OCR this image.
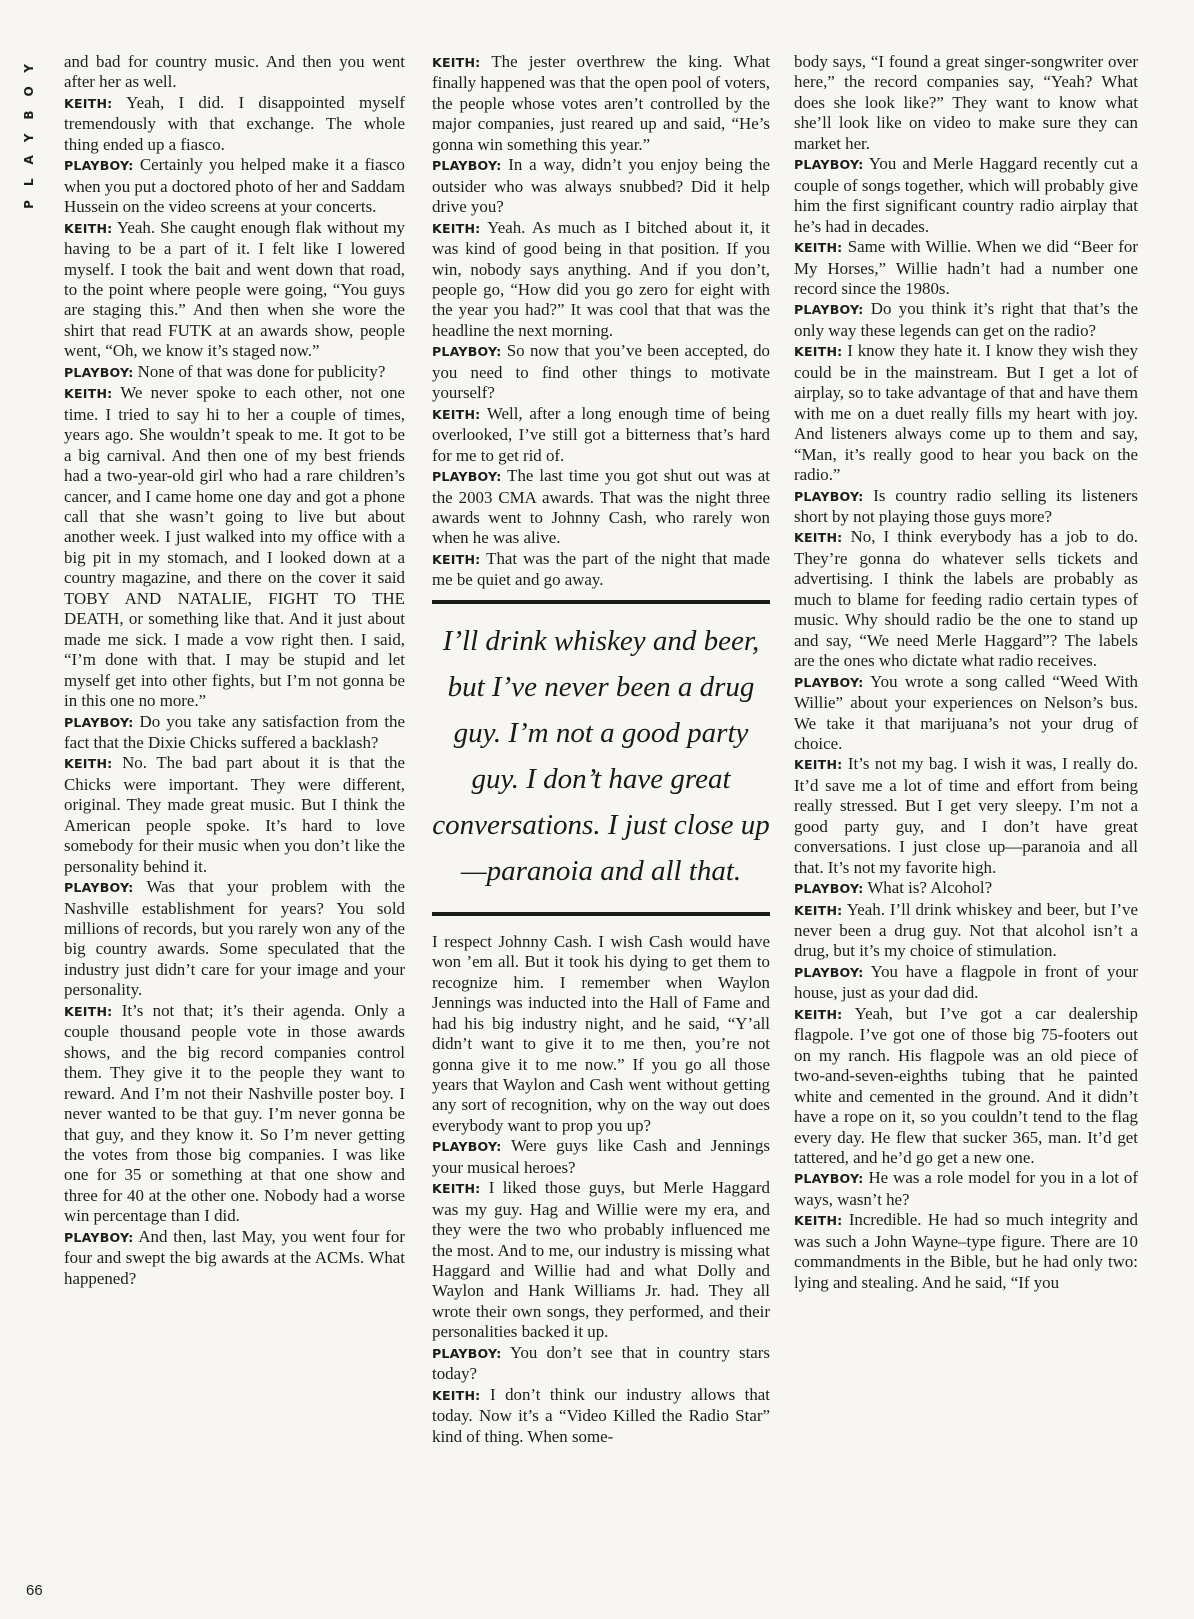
PLAYBOY
66

and bad for country music. And then you went after her as well.

KEITH: Yeah, I did. I disappointed myself tremendously with that exchange. The whole thing ended up a fiasco.

PLAYBOY: Certainly you helped make it a fiasco when you put a doctored photo of her and Saddam Hussein on the video screens at your concerts.

KEITH: Yeah. She caught enough flak without my having to be a part of it. I felt like I lowered myself. I took the bait and went down that road, to the point where people were going, “You guys are staging this.” And then when she wore the shirt that read FUTK at an awards show, people went, “Oh, we know it’s staged now.”

PLAYBOY: None of that was done for publicity?

KEITH: We never spoke to each other, not one time. I tried to say hi to her a couple of times, years ago. She wouldn’t speak to me. It got to be a big carnival. And then one of my best friends had a two-year-old girl who had a rare children’s cancer, and I came home one day and got a phone call that she wasn’t going to live but about another week. I just walked into my office with a big pit in my stomach, and I looked down at a country magazine, and there on the cover it said TOBY AND NATALIE, FIGHT TO THE DEATH, or something like that. And it just about made me sick. I made a vow right then. I said, “I’m done with that. I may be stupid and let myself get into other fights, but I’m not gonna be in this one no more.”

PLAYBOY: Do you take any satisfaction from the fact that the Dixie Chicks suffered a backlash?

KEITH: No. The bad part about it is that the Chicks were important. They were different, original. They made great music. But I think the American people spoke. It’s hard to love somebody for their music when you don’t like the personality behind it.

PLAYBOY: Was that your problem with the Nashville establishment for years? You sold millions of records, but you rarely won any of the big country awards. Some speculated that the industry just didn’t care for your image and your personality.

KEITH: It’s not that; it’s their agenda. Only a couple thousand people vote in those awards shows, and the big record companies control them. They give it to the people they want to reward. And I’m not their Nashville poster boy. I never wanted to be that guy. I’m never gonna be that guy, and they know it. So I’m never getting the votes from those big companies. I was like one for 35 or something at that one show and three for 40 at the other one. Nobody had a worse win percentage than I did.

PLAYBOY: And then, last May, you went four for four and swept the big awards at the ACMs. What happened?

KEITH: The jester overthrew the king. What finally happened was that the open pool of voters, the people whose votes aren’t controlled by the major companies, just reared up and said, “He’s gonna win something this year.”

PLAYBOY: In a way, didn’t you enjoy being the outsider who was always snubbed? Did it help drive you?

KEITH: Yeah. As much as I bitched about it, it was kind of good being in that position. If you win, nobody says anything. And if you don’t, people go, “How did you go zero for eight with the year you had?” It was cool that that was the headline the next morning.

PLAYBOY: So now that you’ve been accepted, do you need to find other things to motivate yourself?

KEITH: Well, after a long enough time of being overlooked, I’ve still got a bitterness that’s hard for me to get rid of.

PLAYBOY: The last time you got shut out was at the 2003 CMA awards. That was the night three awards went to Johnny Cash, who rarely won when he was alive.

KEITH: That was the part of the night that made me be quiet and go away.

I’ll drink whiskey and beer, but I’ve never been a drug guy. I’m not a good party guy. I don’t have great conversations. I just close up—paranoia and all that.

I respect Johnny Cash. I wish Cash would have won ’em all. But it took his dying to get them to recognize him. I remember when Waylon Jennings was inducted into the Hall of Fame and had his big industry night, and he said, “Y’all didn’t want to give it to me then, you’re not gonna give it to me now.” If you go all those years that Waylon and Cash went without getting any sort of recognition, why on the way out does everybody want to prop you up?

PLAYBOY: Were guys like Cash and Jennings your musical heroes?

KEITH: I liked those guys, but Merle Haggard was my guy. Hag and Willie were my era, and they were the two who probably influenced me the most. And to me, our industry is missing what Haggard and Willie had and what Dolly and Waylon and Hank Williams Jr. had. They all wrote their own songs, they performed, and their personalities backed it up.

PLAYBOY: You don’t see that in country stars today?

KEITH: I don’t think our industry allows that today. Now it’s a “Video Killed the Radio Star” kind of thing. When some-

body says, “I found a great singer-songwriter over here,” the record companies say, “Yeah? What does she look like?” They want to know what she’ll look like on video to make sure they can market her.

PLAYBOY: You and Merle Haggard recently cut a couple of songs together, which will probably give him the first significant country radio airplay that he’s had in decades.

KEITH: Same with Willie. When we did “Beer for My Horses,” Willie hadn’t had a number one record since the 1980s.

PLAYBOY: Do you think it’s right that that’s the only way these legends can get on the radio?

KEITH: I know they hate it. I know they wish they could be in the mainstream. But I get a lot of airplay, so to take advantage of that and have them with me on a duet really fills my heart with joy. And listeners always come up to them and say, “Man, it’s really good to hear you back on the radio.”

PLAYBOY: Is country radio selling its listeners short by not playing those guys more?

KEITH: No, I think everybody has a job to do. They’re gonna do whatever sells tickets and advertising. I think the labels are probably as much to blame for feeding radio certain types of music. Why should radio be the one to stand up and say, “We need Merle Haggard”? The labels are the ones who dictate what radio receives.

PLAYBOY: You wrote a song called “Weed With Willie” about your experiences on Nelson’s bus. We take it that marijuana’s not your drug of choice.

KEITH: It’s not my bag. I wish it was, I really do. It’d save me a lot of time and effort from being really stressed. But I get very sleepy. I’m not a good party guy, and I don’t have great conversations. I just close up—paranoia and all that. It’s not my favorite high.

PLAYBOY: What is? Alcohol?

KEITH: Yeah. I’ll drink whiskey and beer, but I’ve never been a drug guy. Not that alcohol isn’t a drug, but it’s my choice of stimulation.

PLAYBOY: You have a flagpole in front of your house, just as your dad did.

KEITH: Yeah, but I’ve got a car dealership flagpole. I’ve got one of those big 75-footers out on my ranch. His flagpole was an old piece of two-and-seven-eighths tubing that he painted white and cemented in the ground. And it didn’t have a rope on it, so you couldn’t tend to the flag every day. He flew that sucker 365, man. It’d get tattered, and he’d go get a new one.

PLAYBOY: He was a role model for you in a lot of ways, wasn’t he?

KEITH: Incredible. He had so much integrity and was such a John Wayne–type figure. There are 10 commandments in the Bible, but he had only two: lying and stealing. And he said, “If you
